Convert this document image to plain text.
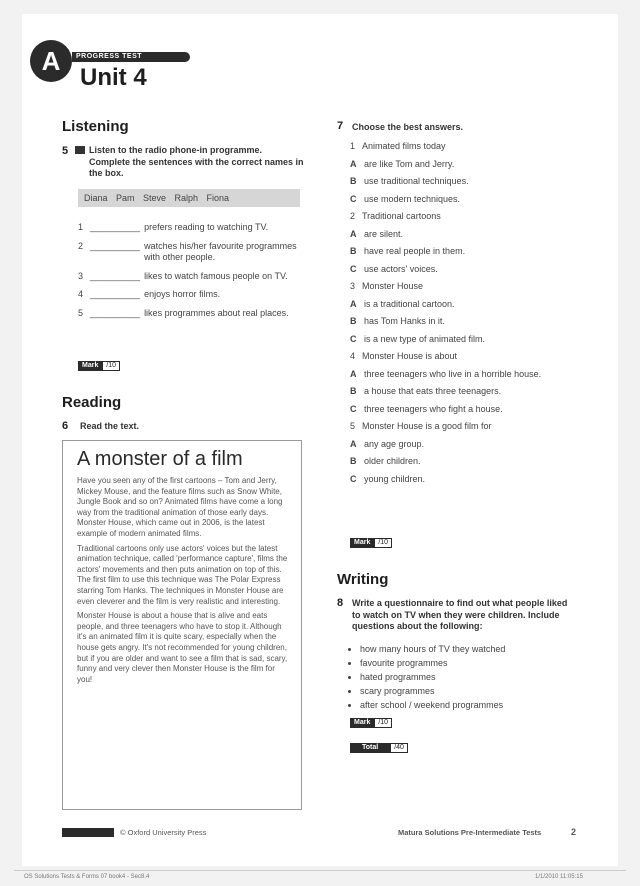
A	PROGRESS TEST
Unit 4
Listening
5 Listen to the radio phone-in programme. Complete the sentences with the correct names in the box.
Diana Pam Steve Ralph Fiona
1 __________ prefers reading to watching TV.
2 __________ watches his/her favourite programmes with other people.
3 __________ likes to watch famous people on TV.
4 __________ enjoys horror films.
5 __________ likes programmes about real places.
Mark /10
Reading
6 Read the text.
A monster of a film

Have you seen any of the first cartoons – Tom and Jerry, Mickey Mouse, and the feature films such as Snow White, Jungle Book and so on? Animated films have come a long way from the traditional animation of those early days. Monster House, which came out in 2006, is the latest example of modern animated films.

Traditional cartoons only use actors' voices but the latest animation technique, called 'performance capture', films the actors' movements and then puts animation on top of this. The first film to use this technique was The Polar Express starring Tom Hanks. The techniques in Monster House are even cleverer and the film is very realistic and interesting.

Monster House is about a house that is alive and eats people, and three teenagers who have to stop it. Although it's an animated film it is quite scary, especially when the house gets angry. It's not recommended for young children, but if you are older and want to see a film that is sad, scary, funny and very clever then Monster House is the film for you!

7 Choose the best answers.
1 Animated films today
A are like Tom and Jerry.
B use traditional techniques.
C use modern techniques.
2 Traditional cartoons
A are silent.
B have real people in them.
C use actors' voices.
3 Monster House
A is a traditional cartoon.
B has Tom Hanks in it.
C is a new type of animated film.
4 Monster House is about
A three teenagers who live in a horrible house.
B a house that eats three teenagers.
C three teenagers who fight a house.
5 Monster House is a good film for
A any age group.
B older children.
C young children.
Mark /10
Writing
8 Write a questionnaire to find out what people liked to watch on TV when they were children. Include questions about the following:
• how many hours of TV they watched
• favourite programmes
• hated programmes
• scary programmes
• after school / weekend programmes
Mark /10
Total /40
© Oxford University Press	Matura Solutions Pre-Intermediate Tests	2
OS Solutions Tests & Forms 07 book4 - Sec8.4	1/1/2010 11:05:15
